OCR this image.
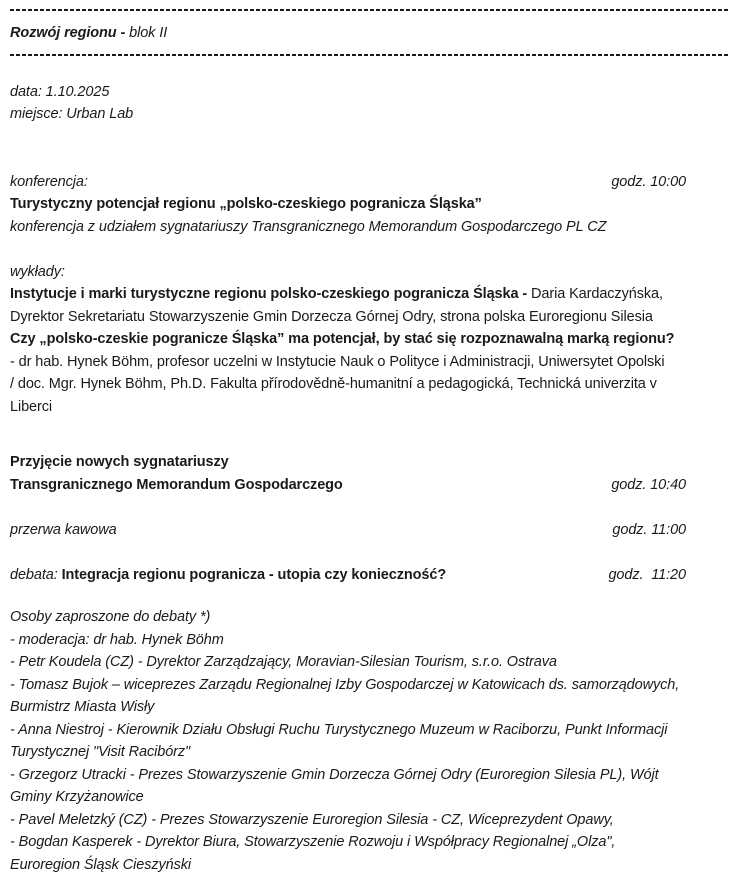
Rozwój regionu - blok II
data: 1.10.2025
miejsce: Urban Lab
konferencja:	godz. 10:00
Turystyczny potencjał regionu „polsko-czeskiego pogranicza Śląska”
konferencja z udziałem sygnatariuszy Transgranicznego Memorandum Gospodarczego PL CZ
wykłady:
Instytucje i marki turystyczne regionu polsko-czeskiego pogranicza Śląska - Daria Kardaczyńska,
Dyrektor Sekretariatu Stowarzyszenie Gmin Dorzecza Górnej Odry, strona polska Euroregionu Silesia
Czy „polsko-czeskie pogranicze Śląska” ma potencjał, by stać się rozpoznawalną marką regionu?
- dr hab. Hynek Böhm, profesor uczelni w Instytucie Nauk o Polityce i Administracji, Uniwersytet Opolski
/ doc. Mgr. Hynek Böhm, Ph.D. Fakulta přírodovědně-humanitní a pedagogická, Technická univerzita v
Liberci
Przyjęcie nowych sygnatariuszy
Transgranicznego Memorandum Gospodarczego	godz. 10:40
przerwa kawowa	godz. 11:00
debata: Integracja regionu pogranicza - utopia czy konieczność?	godz.  11:20
Osoby zaproszone do debaty *)
- moderacja: dr hab. Hynek Böhm
- Petr Koudela (CZ) - Dyrektor Zarządzający, Moravian-Silesian Tourism, s.r.o. Ostrava
- Tomasz Bujok – wiceprezes Zarządu Regionalnej Izby Gospodarczej w Katowicach ds. samorządowych,
Burmistrz Miasta Wisły
- Anna Niestroj - Kierownik Działu Obsługi Ruchu Turystycznego Muzeum w Raciborzu, Punkt Informacji
Turystycznej "Visit Racibórz"
- Grzegorz Utracki - Prezes Stowarzyszenie Gmin Dorzecza Górnej Odry (Euroregion Silesia PL), Wójt
Gminy Krzyżanowice
- Pavel Meletzký (CZ) - Prezes Stowarzyszenie Euroregion Silesia - CZ, Wiceprezydent Opawy,
- Bogdan Kasperek - Dyrektor Biura, Stowarzyszenie Rozwoju i Współpracy Regionalnej „Olza",
Euroregion Śląsk Cieszyński
